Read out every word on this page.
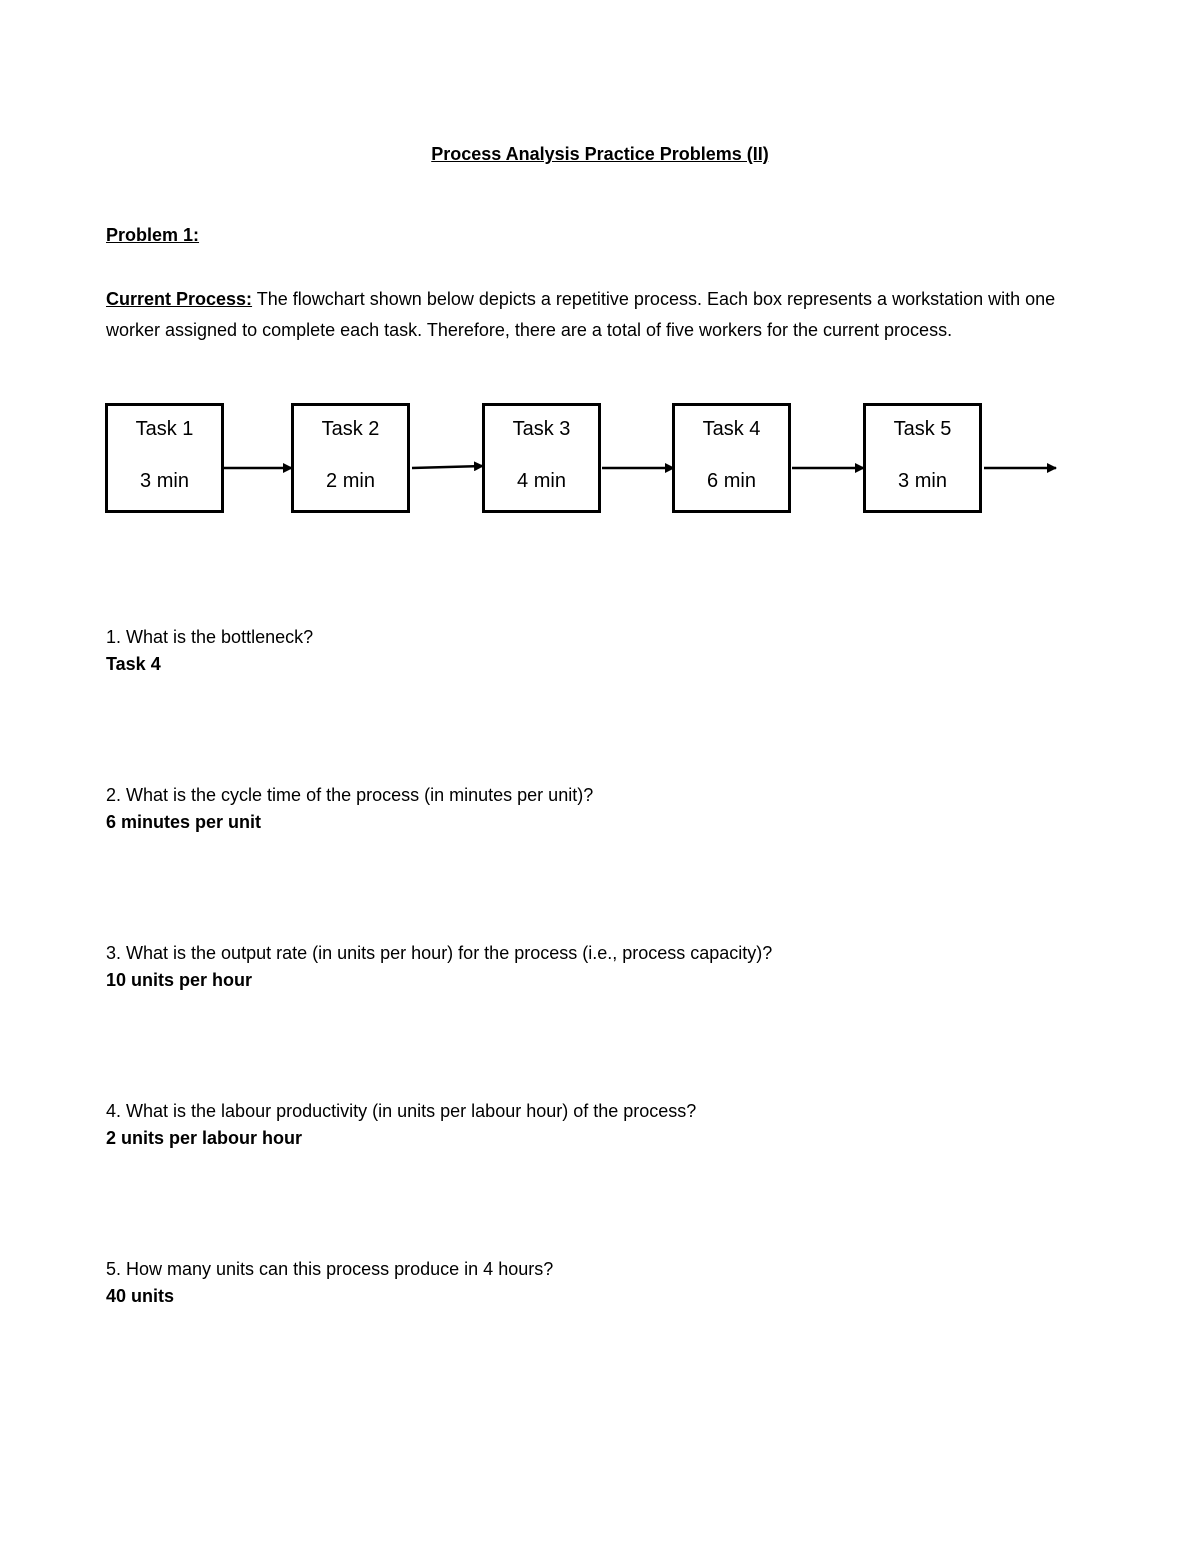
Process Analysis Practice Problems (II)
Problem 1:
Current Process: The flowchart shown below depicts a repetitive process. Each box represents a workstation with one worker assigned to complete each task. Therefore, there are a total of five workers for the current process.
Task 1
3 min
Task 2
2 min
Task 3
4 min
Task 4
6 min
Task 5
3 min
1. What is the bottleneck?
Task 4
2. What is the cycle time of the process (in minutes per unit)?
6 minutes per unit
3. What is the output rate (in units per hour) for the process (i.e., process capacity)?
10 units per hour
4. What is the labour productivity (in units per labour hour) of the process?
2 units per labour hour
5. How many units can this process produce in 4 hours?
40 units
